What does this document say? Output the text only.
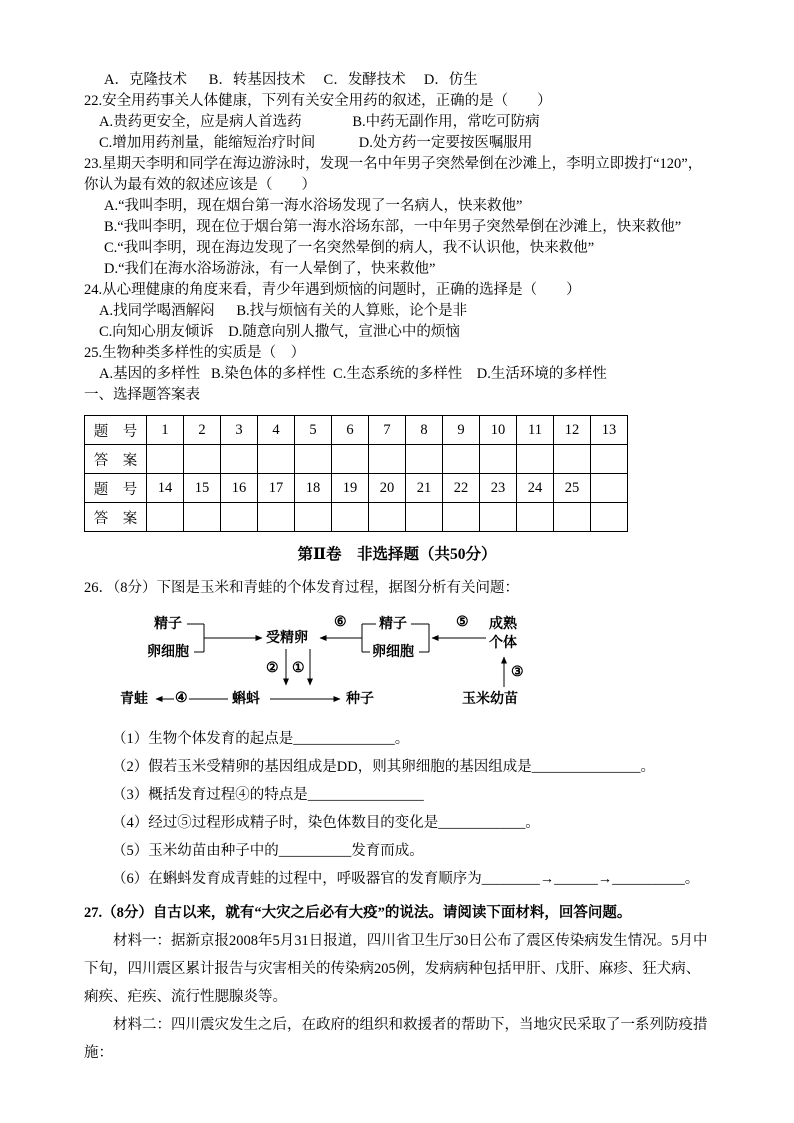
A．克隆技术      B．转基因技术     C．发酵技术     D．仿生
22.安全用药事关人体健康，下列有关安全用药的叙述，正确的是（        ）
A.贵药更安全，应是病人首选药              B.中药无副作用，常吃可防病
C.增加用药剂量，能缩短治疗时间            D.处方药一定要按医嘱服用
23.星期天李明和同学在海边游泳时，发现一名中年男子突然晕倒在沙滩上，李明立即拨打“120”，你认为最有效的叙述应该是（        ）
A.“我叫李明，现在烟台第一海水浴场发现了一名病人，快来救他”
B.“我叫李明，现在位于烟台第一海水浴场东部，一中年男子突然晕倒在沙滩上，快来救他”
C.“我叫李明，现在海边发现了一名突然晕倒的病人，我不认识他，快来救他”
D.“我们在海水浴场游泳，有一人晕倒了，快来救他”
24.从心理健康的角度来看，青少年遇到烦恼的问题时，正确的选择是（        ）
A.找同学喝酒解闷      B.找与烦恼有关的人算账，论个是非
C.向知心朋友倾诉    D.随意向别人撒气，宣泄心中的烦恼
25.生物种类多样性的实质是（    ）
A.基因的多样性   B.染色体的多样性  C.生态系统的多样性    D.生活环境的多样性
一、选择题答案表
题　号	1	2	3	4	5	6	7	8	9	10	11	12	13
答　案													
题　号	14	15	16	17	18	19	20	21	22	23	24	25	
答　案													
第Ⅱ卷　非选择题（共50分）
26．（8分）下图是玉米和青蛙的个体发育过程，据图分析有关问题：
精子
卵细胞
受精卵
⑥ 精子
卵细胞
⑤ 成熟
个体
② ①
青蛙 ④	蝌蚪	种子	玉米幼苗
③
（1）生物个体发育的起点是______________。
（2）假若玉米受精卵的基因组成是DD，则其卵细胞的基因组成是_______________。
（3）概括发育过程④的特点是________________
（4）经过⑤过程形成精子时，染色体数目的变化是____________。
（5）玉米幼苗由种子中的__________发育而成。
（6）在蝌蚪发育成青蛙的过程中，呼吸器官的发育顺序为________→______→__________。
27.（8分）自古以来，就有“大灾之后必有大疫”的说法。请阅读下面材料，回答问题。

材料一：据新京报2008年5月31日报道，四川省卫生厅30日公布了震区传染病发生情况。5月中下旬，四川震区累计报告与灾害相关的传染病205例，发病病种包括甲肝、戊肝、麻疹、狂犬病、痢疾、疟疾、流行性腮腺炎等。

材料二：四川震灾发生之后，在政府的组织和救援者的帮助下，当地灾民采取了一系列防疫措施：
